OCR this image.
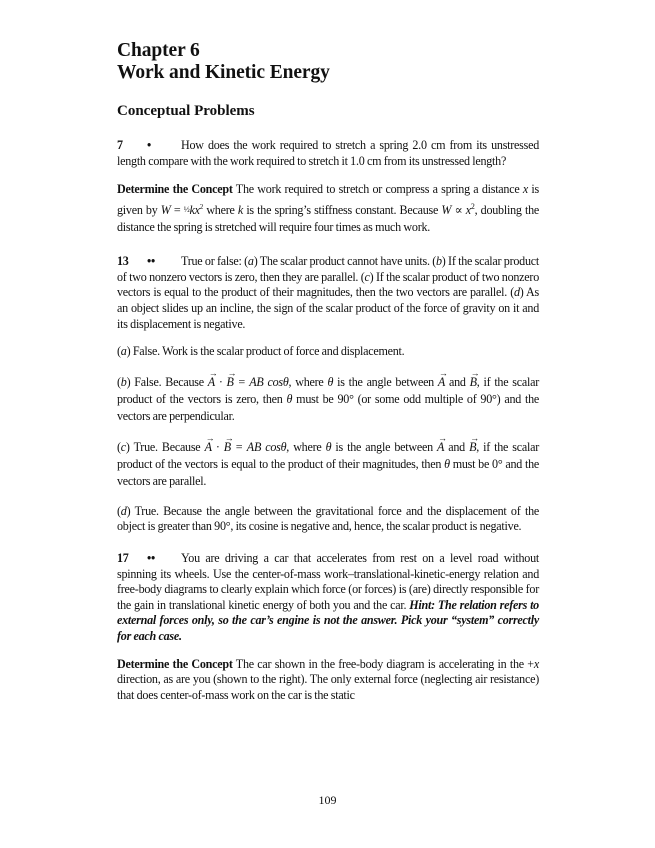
Chapter 6
Work and Kinetic Energy
Conceptual Problems

7 • How does the work required to stretch a spring 2.0 cm from its unstressed length compare with the work required to stretch it 1.0 cm from its unstressed length?

Determine the Concept The work required to stretch or compress a spring a distance x is given by $W = \frac{1}{2}kx^2$ where k is the spring’s stiffness constant. Because $W \propto x^2$, doubling the distance the spring is stretched will require four times as much work.

13 •• True or false: (a) The scalar product cannot have units. (b) If the scalar product of two nonzero vectors is zero, then they are parallel. (c) If the scalar product of two nonzero vectors is equal to the product of their magnitudes, then the two vectors are parallel. (d) As an object slides up an incline, the sign of the scalar product of the force of gravity on it and its displacement is negative.

(a) False. Work is the scalar product of force and displacement.

(b) False. Because → A · → B = AB cosθ, where θ is the angle between → A and → B, if the scalar product of the vectors is zero, then θ must be 90° (or some odd multiple of 90°) and the vectors are perpendicular.

(c) True. Because → A · → B = AB cosθ, where θ is the angle between → A and → B, if the scalar product of the vectors is equal to the product of their magnitudes, then θ must be 0° and the vectors are parallel.

(d) True. Because the angle between the gravitational force and the displacement of the object is greater than 90°, its cosine is negative and, hence, the scalar product is negative.

17 •• You are driving a car that accelerates from rest on a level road without spinning its wheels. Use the center-of-mass work–translational-kinetic-energy relation and free-body diagrams to clearly explain which force (or forces) is (are) directly responsible for the gain in translational kinetic energy of both you and the car. Hint: The relation refers to external forces only, so the car’s engine is not the answer. Pick your “system” correctly for each case.

Determine the Concept The car shown in the free-body diagram is accelerating in the +x direction, as are you (shown to the right). The only external force (neglecting air resistance) that does center-of-mass work on the car is the static

109
